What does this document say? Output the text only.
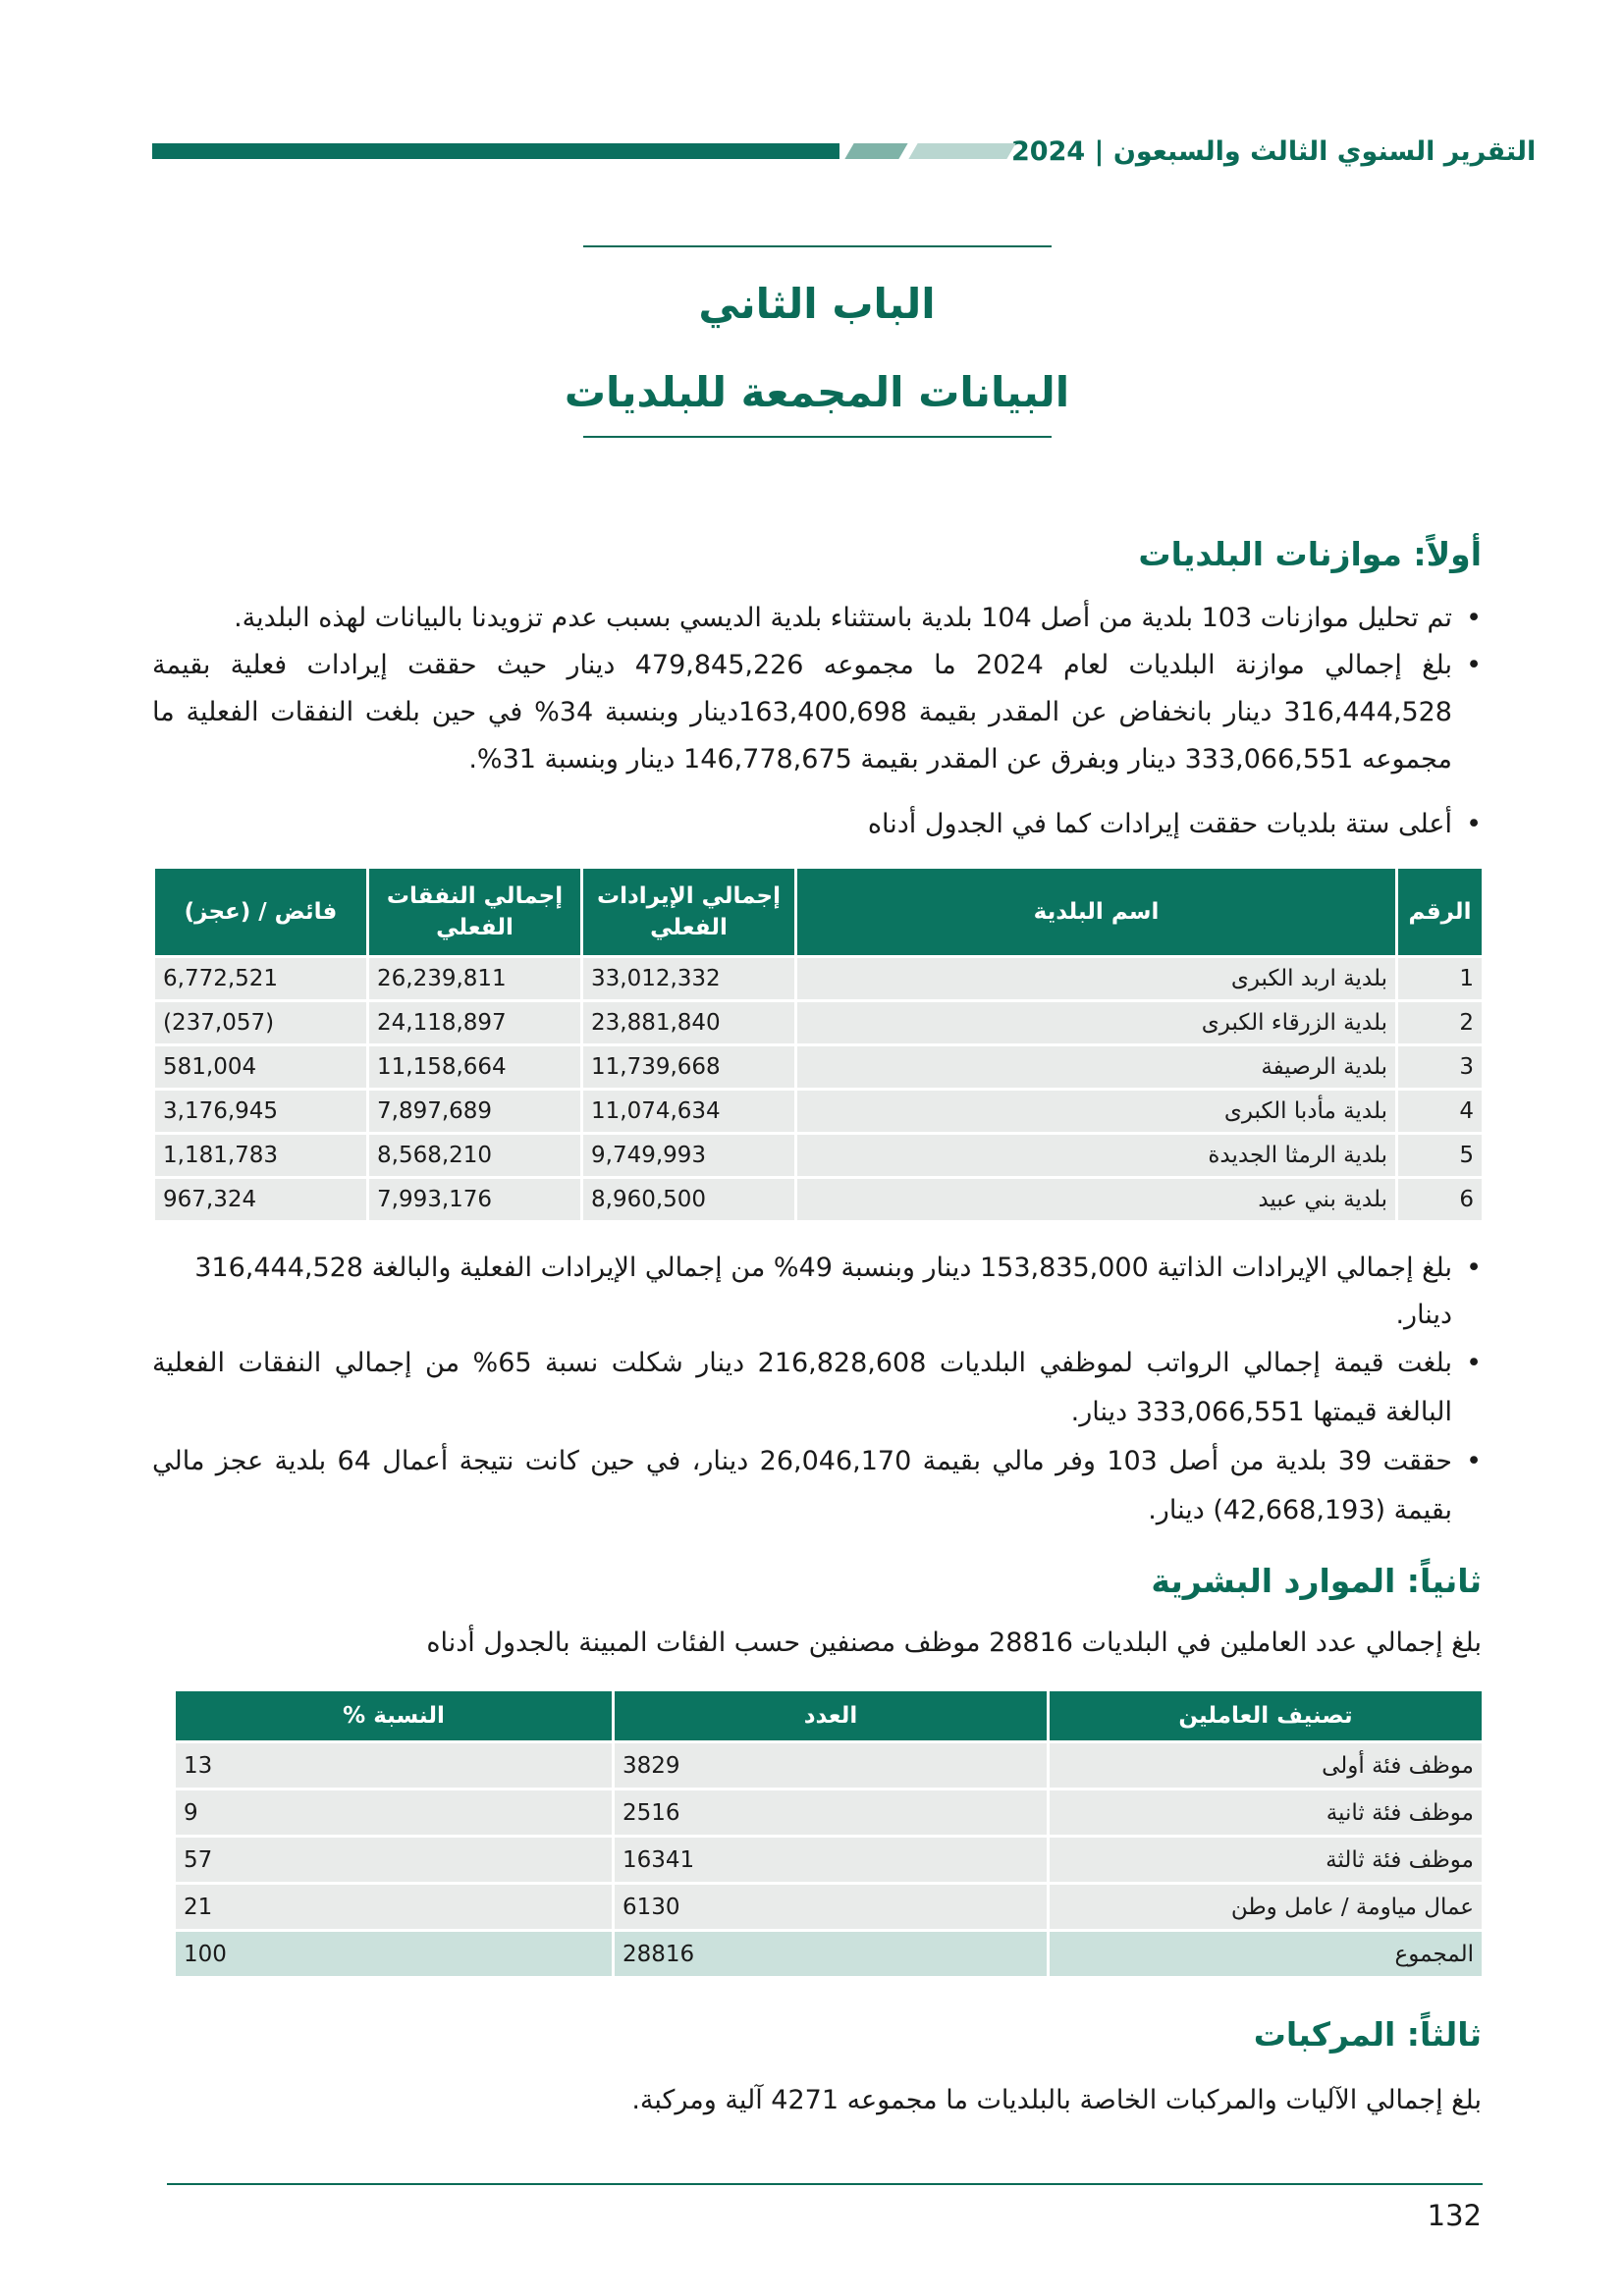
التقرير السنوي الثالث والسبعون | 2024
الباب الثاني
البيانات المجمعة للبلديات
أولاً: موازنات البلديات
• تم تحليل موازنات 103 بلدية من أصل 104 بلدية باستثناء بلدية الديسي بسبب عدم تزويدنا بالبيانات لهذه البلدية.
• بلغ إجمالي موازنة البلديات لعام 2024 ما مجموعه 479,845,226 دينار حيث حققت إيرادات فعلية بقيمة 316,444,528 دينار بانخفاض عن المقدر بقيمة 163,400,698دينار وبنسبة 34% في حين بلغت النفقات الفعلية ما مجموعه 333,066,551 دينار وبفرق عن المقدر بقيمة 146,778,675 دينار وبنسبة 31%.
• أعلى ستة بلديات حققت إيرادات كما في الجدول أدناه
الرقم	اسم البلدية	إجمالي الإيرادات الفعلي	إجمالي النفقات الفعلي	فائض / (عجز)
1	بلدية اربد الكبرى	33,012,332	26,239,811	6,772,521
2	بلدية الزرقاء الكبرى	23,881,840	24,118,897	(237,057)
3	بلدية الرصيفة	11,739,668	11,158,664	581,004
4	بلدية مأدبا الكبرى	11,074,634	7,897,689	3,176,945
5	بلدية الرمثا الجديدة	9,749,993	8,568,210	1,181,783
6	بلدية بني عبيد	8,960,500	7,993,176	967,324
• بلغ إجمالي الإيرادات الذاتية 153,835,000 دينار وبنسبة 49% من إجمالي الإيرادات الفعلية والبالغة 316,444,528 دينار.
• بلغت قيمة إجمالي الرواتب لموظفي البلديات 216,828,608 دينار شكلت نسبة 65% من إجمالي النفقات الفعلية البالغة قيمتها 333,066,551 دينار.
• حققت 39 بلدية من أصل 103 وفر مالي بقيمة 26,046,170 دينار، في حين كانت نتيجة أعمال 64 بلدية عجز مالي بقيمة (42,668,193) دينار.
ثانياً: الموارد البشرية
بلغ إجمالي عدد العاملين في البلديات 28816 موظف مصنفين حسب الفئات المبينة بالجدول أدناه
تصنيف العاملين	العدد	النسبة %
موظف فئة أولى	3829	13
موظف فئة ثانية	2516	9
موظف فئة ثالثة	16341	57
عمال مياومة / عامل وطن	6130	21
المجموع	28816	100
ثالثاً: المركبات
بلغ إجمالي الآليات والمركبات الخاصة بالبلديات ما مجموعه 4271 آلية ومركبة.
132
